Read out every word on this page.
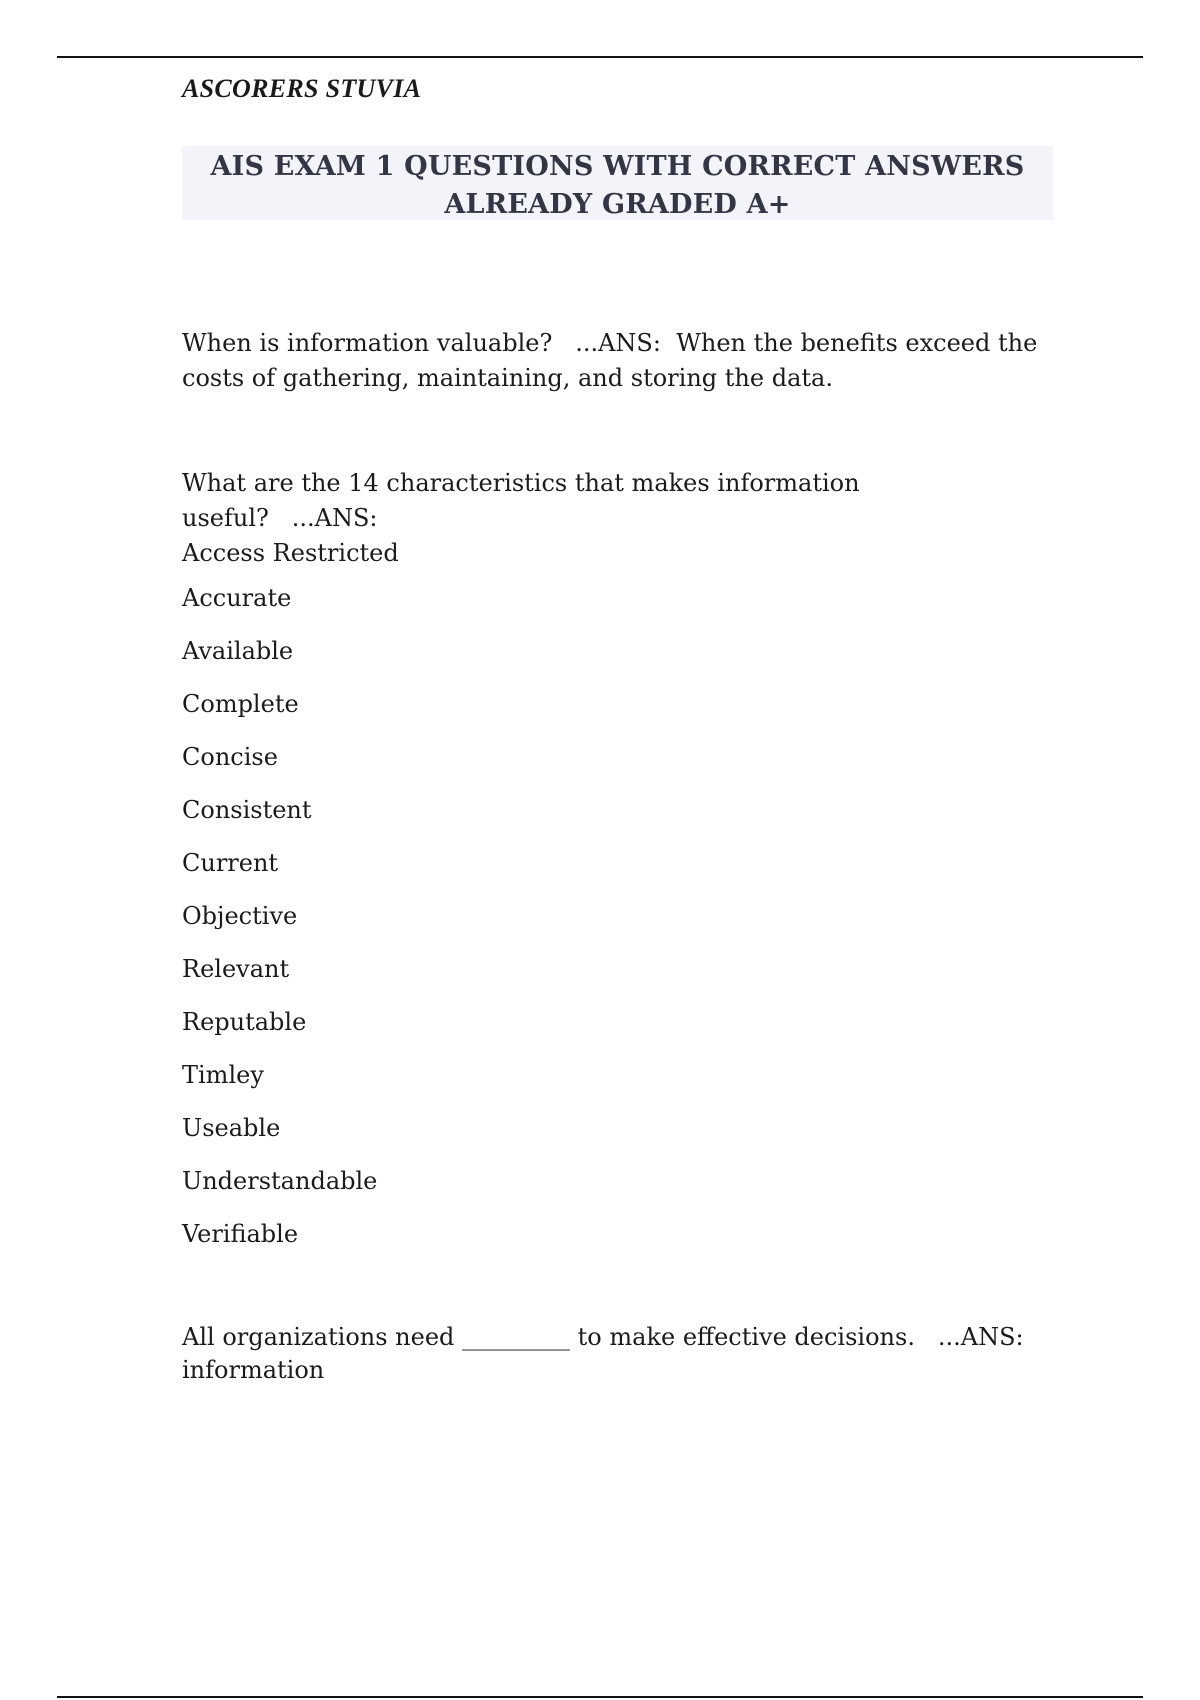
ASCORERS STUVIA
AIS EXAM 1 QUESTIONS WITH CORRECT ANSWERS
ALREADY GRADED A+

When is information valuable? ...ANS: When the benefits exceed the costs of gathering, maintaining, and storing the data.

What are the 14 characteristics that makes information useful? ...ANS:
Access Restricted
Accurate
Available
Complete
Concise
Consistent
Current
Objective
Relevant
Reputable
Timley
Useable
Understandable
Verifiable

All organizations need _________ to make effective decisions. ...ANS:
information
